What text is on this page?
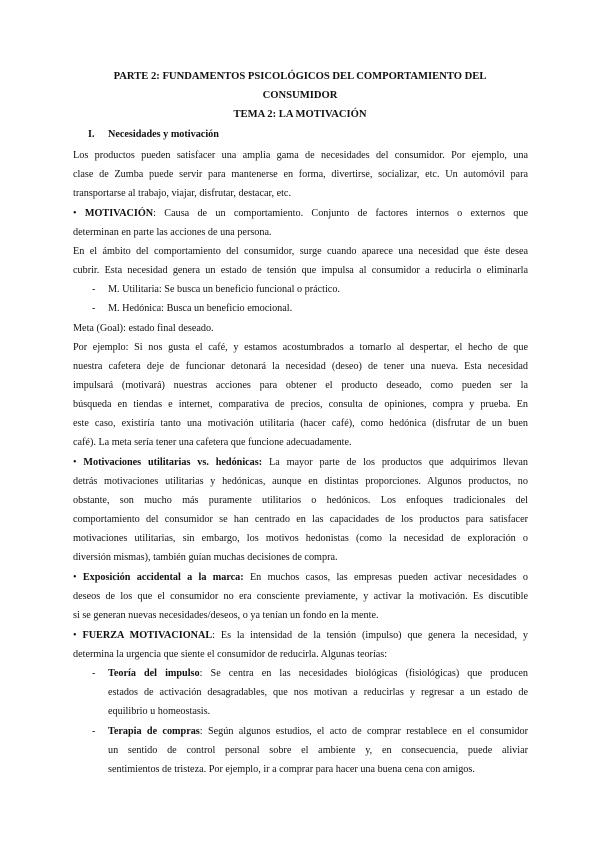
PARTE 2: FUNDAMENTOS PSICOLÓGICOS DEL COMPORTAMIENTO DEL
CONSUMIDOR
TEMA 2: LA MOTIVACIÓN
I. Necesidades y motivación
Los productos pueden satisfacer una amplia gama de necesidades del consumidor. Por ejemplo, una
clase de Zumba puede servir para mantenerse en forma, divertirse, socializar, etc. Un automóvil para
transportarse al trabajo, viajar, disfrutar, destacar, etc.
• MOTIVACIÓN: Causa de un comportamiento. Conjunto de factores internos o externos que
determinan en parte las acciones de una persona.
En el ámbito del comportamiento del consumidor, surge cuando aparece una necesidad que éste desea
cubrir. Esta necesidad genera un estado de tensión que impulsa al consumidor a reducirla o eliminarla
- M. Utilitaria: Se busca un beneficio funcional o práctico.
- M. Hedónica: Busca un beneficio emocional.
Meta (Goal): estado final deseado.
Por ejemplo: Si nos gusta el café, y estamos acostumbrados a tomarlo al despertar, el hecho de que
nuestra cafetera deje de funcionar detonará la necesidad (deseo) de tener una nueva. Esta necesidad
impulsará (motivará) nuestras acciones para obtener el producto deseado, como pueden ser la
búsqueda en tiendas e internet, comparativa de precios, consulta de opiniones, compra y prueba. En
este caso, existiría tanto una motivación utilitaria (hacer café), como hedónica (disfrutar de un buen
café). La meta sería tener una cafetera que funcione adecuadamente.
• Motivaciones utilitarias vs. hedónicas: La mayor parte de los productos que adquirimos llevan
detrás motivaciones utilitarias y hedónicas, aunque en distintas proporciones. Algunos productos, no
obstante, son mucho más puramente utilitarios o hedónicos. Los enfoques tradicionales del
comportamiento del consumidor se han centrado en las capacidades de los productos para satisfacer
motivaciones utilitarias, sin embargo, los motivos hedonistas (como la necesidad de exploración o
diversión mismas), también guían muchas decisiones de compra.
• Exposición accidental a la marca: En muchos casos, las empresas pueden activar necesidades o
deseos de los que el consumidor no era consciente previamente, y activar la motivación. Es discutible
si se generan nuevas necesidades/deseos, o ya tenían un fondo en la mente.
• FUERZA MOTIVACIONAL: Es la intensidad de la tensión (impulso) que genera la necesidad, y
determina la urgencia que siente el consumidor de reducirla. Algunas teorías:
- Teoría del impulso: Se centra en las necesidades biológicas (fisiológicas) que producen
estados de activación desagradables, que nos motivan a reducirlas y regresar a un estado de
equilibrio u homeostasis.
- Terapia de compras: Según algunos estudios, el acto de comprar restablece en el consumidor
un sentido de control personal sobre el ambiente y, en consecuencia, puede aliviar
sentimientos de tristeza. Por ejemplo, ir a comprar para hacer una buena cena con amigos.
